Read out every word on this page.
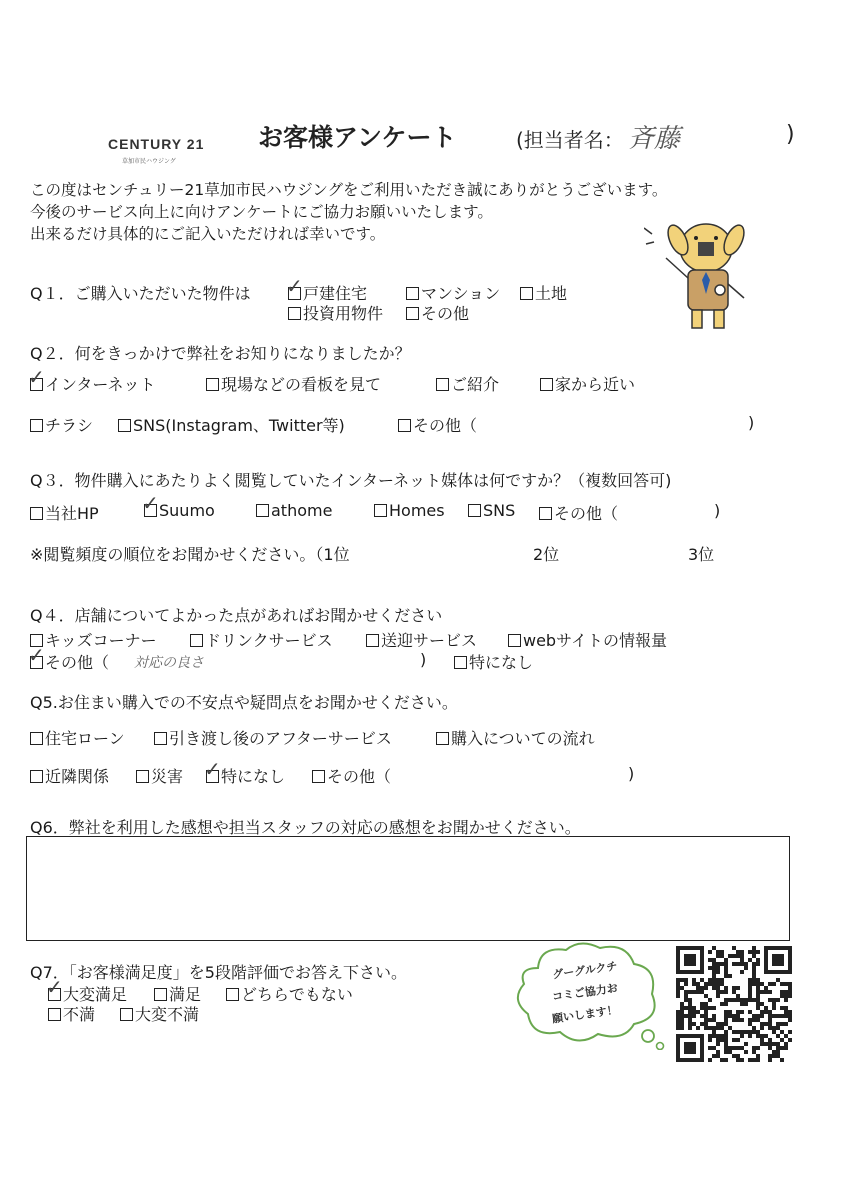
CENTURY 21
草加市民ハウジング
お客様アンケート	(担当者名： 斉藤	)
この度はセンチュリー21草加市民ハウジングをご利用いただき誠にありがとうございます。
今後のサービス向上に向けアンケートにご協力お願いいたします。
出来るだけ具体的にご記入いただければ幸いです。
Q１．ご購入いただいた物件は ✓ 戸建住宅	マンション	土地
投資用物件	その他
Q２．何をきっかけで弊社をお知りになりましたか？
✓ インターネット	現場などの看板を見て	ご紹介	家から近い
チラシ	SNS(Instagram、Twitter等)	その他（	)
Q３．物件購入にあたりよく閲覧していたインターネット媒体は何ですか？（複数回答可)
当社HP ✓ Suumo	athome	Homes	SNS	その他（	)
※閲覧頻度の順位をお聞かせください。（1位	2位	3位
Q４．店舗についてよかった点があればお聞かせください
キッズコーナー	ドリンクサービス	送迎サービス	webサイトの情報量
✓ その他（ 対応の良さ	)	特になし
Q5.お住まい購入での不安点や疑問点をお聞かせください。
住宅ローン	引き渡し後のアフターサービス	購入についての流れ
近隣関係	災害 ✓ 特になし	その他（	)
Q6．弊社を利用した感想や担当スタッフの対応の感想をお聞かせください。
Q7．「お客様満足度」を5段階評価でお答え下さい。
✓ 大変満足	満足	どちらでもない
不満	大変不満
グーグルクチ
コミご協力お
願いします！
